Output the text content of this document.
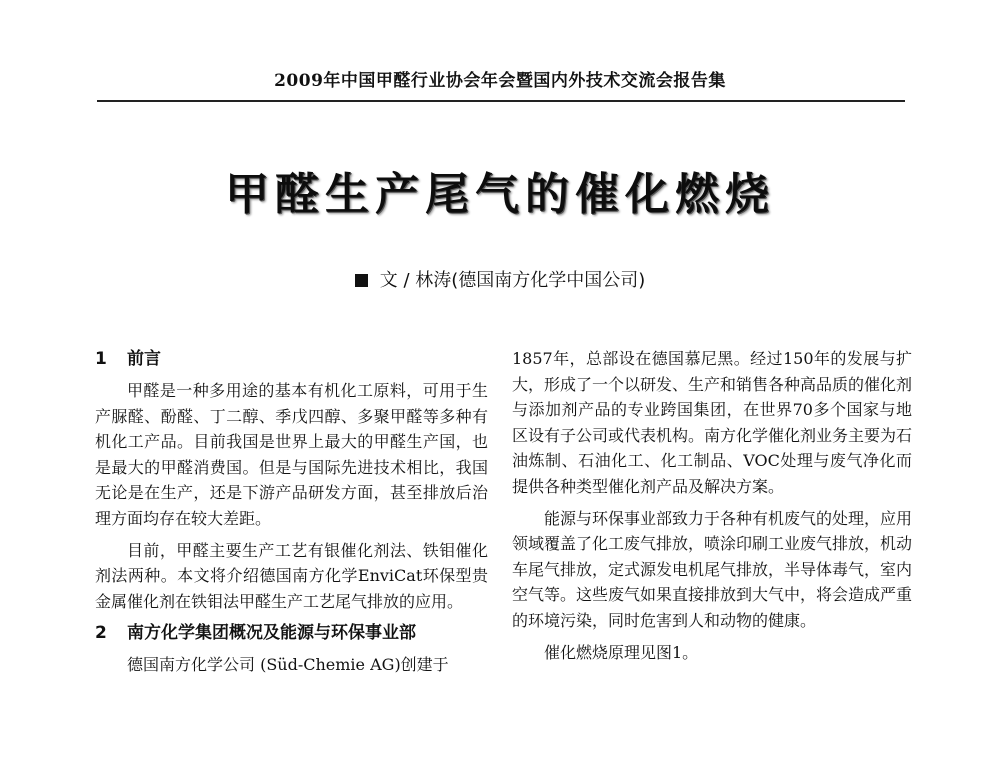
2009年中国甲醛行业协会年会暨国内外技术交流会报告集
甲醛生产尾气的催化燃烧
文 / 林涛(德国南方化学中国公司)
1 前言

甲醛是一种多用途的基本有机化工原料，可用于生产脲醛、酚醛、丁二醇、季戊四醇、多聚甲醛等多种有机化工产品。目前我国是世界上最大的甲醛生产国，也是最大的甲醛消费国。但是与国际先进技术相比，我国无论是在生产，还是下游产品研发方面，甚至排放后治理方面均存在较大差距。

目前，甲醛主要生产工艺有银催化剂法、铁钼催化剂法两种。本文将介绍德国南方化学EnviCat环保型贵金属催化剂在铁钼法甲醛生产工艺尾气排放的应用。

2 南方化学集团概况及能源与环保事业部

德国南方化学公司 (Süd-Chemie AG)创建于

1857年，总部设在德国慕尼黑。经过150年的发展与扩大，形成了一个以研发、生产和销售各种高品质的催化剂与添加剂产品的专业跨国集团，在世界70多个国家与地区设有子公司或代表机构。南方化学催化剂业务主要为石油炼制、石油化工、化工制品、VOC处理与废气净化而提供各种类型催化剂产品及解决方案。

能源与环保事业部致力于各种有机废气的处理，应用领域覆盖了化工废气排放，喷涂印刷工业废气排放，机动车尾气排放，定式源发电机尾气排放，半导体毒气，室内空气等。这些废气如果直接排放到大气中，将会造成严重的环境污染，同时危害到人和动物的健康。

催化燃烧原理见图1。
